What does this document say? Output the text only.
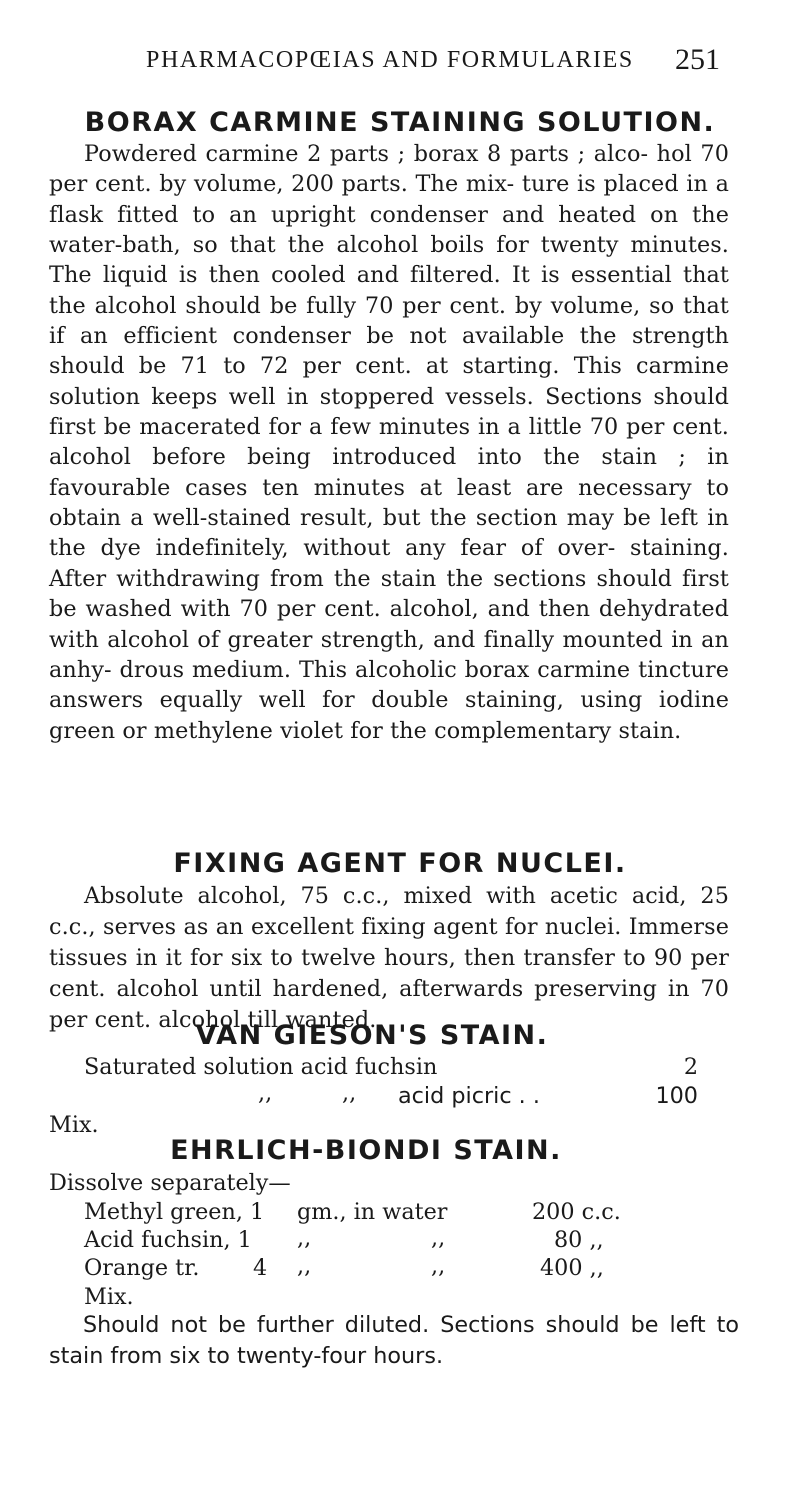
PHARMACOPŒIAS AND FORMULARIES 251
BORAX CARMINE STAINING SOLUTION.

Powdered carmine 2 parts ; borax 8 parts ; alco- hol 70 per cent. by volume, 200 parts. The mix- ture is placed in a flask fitted to an upright condenser and heated on the water-bath, so that the alcohol boils for twenty minutes. The liquid is then cooled and filtered. It is essential that the alcohol should be fully 70 per cent. by volume, so that if an efficient condenser be not available the strength should be 71 to 72 per cent. at starting. This carmine solution keeps well in stoppered vessels. Sections should first be macerated for a few minutes in a little 70 per cent. alcohol before being introduced into the stain ; in favourable cases ten minutes at least are necessary to obtain a well-stained result, but the section may be left in the dye indefinitely, without any fear of over- staining. After withdrawing from the stain the sections should first be washed with 70 per cent. alcohol, and then dehydrated with alcohol of greater strength, and finally mounted in an anhy- drous medium. This alcoholic borax carmine tincture answers equally well for double staining, using iodine green or methylene violet for the complementary stain.

FIXING AGENT FOR NUCLEI.

Absolute alcohol, 75 c.c., mixed with acetic acid, 25 c.c., serves as an excellent fixing agent for nuclei. Immerse tissues in it for six to twelve hours, then transfer to 90 per cent. alcohol until hardened, afterwards preserving in 70 per cent. alcohol till wanted.

VAN GIESON'S STAIN.
Saturated solution acid fuchsin	2
,,	,, acid picric . .	100
Mix.
EHRLICH-BIONDI STAIN.
Dissolve separately—
Methyl green, 1 gm., in water	200 c.c.
Acid fuchsin, 1 ,,	,,	80 ,,
Orange tr. 4 ,,	,,	400 ,,
Mix.

Should not be further diluted. Sections should be left to stain from six to twenty-four hours.
